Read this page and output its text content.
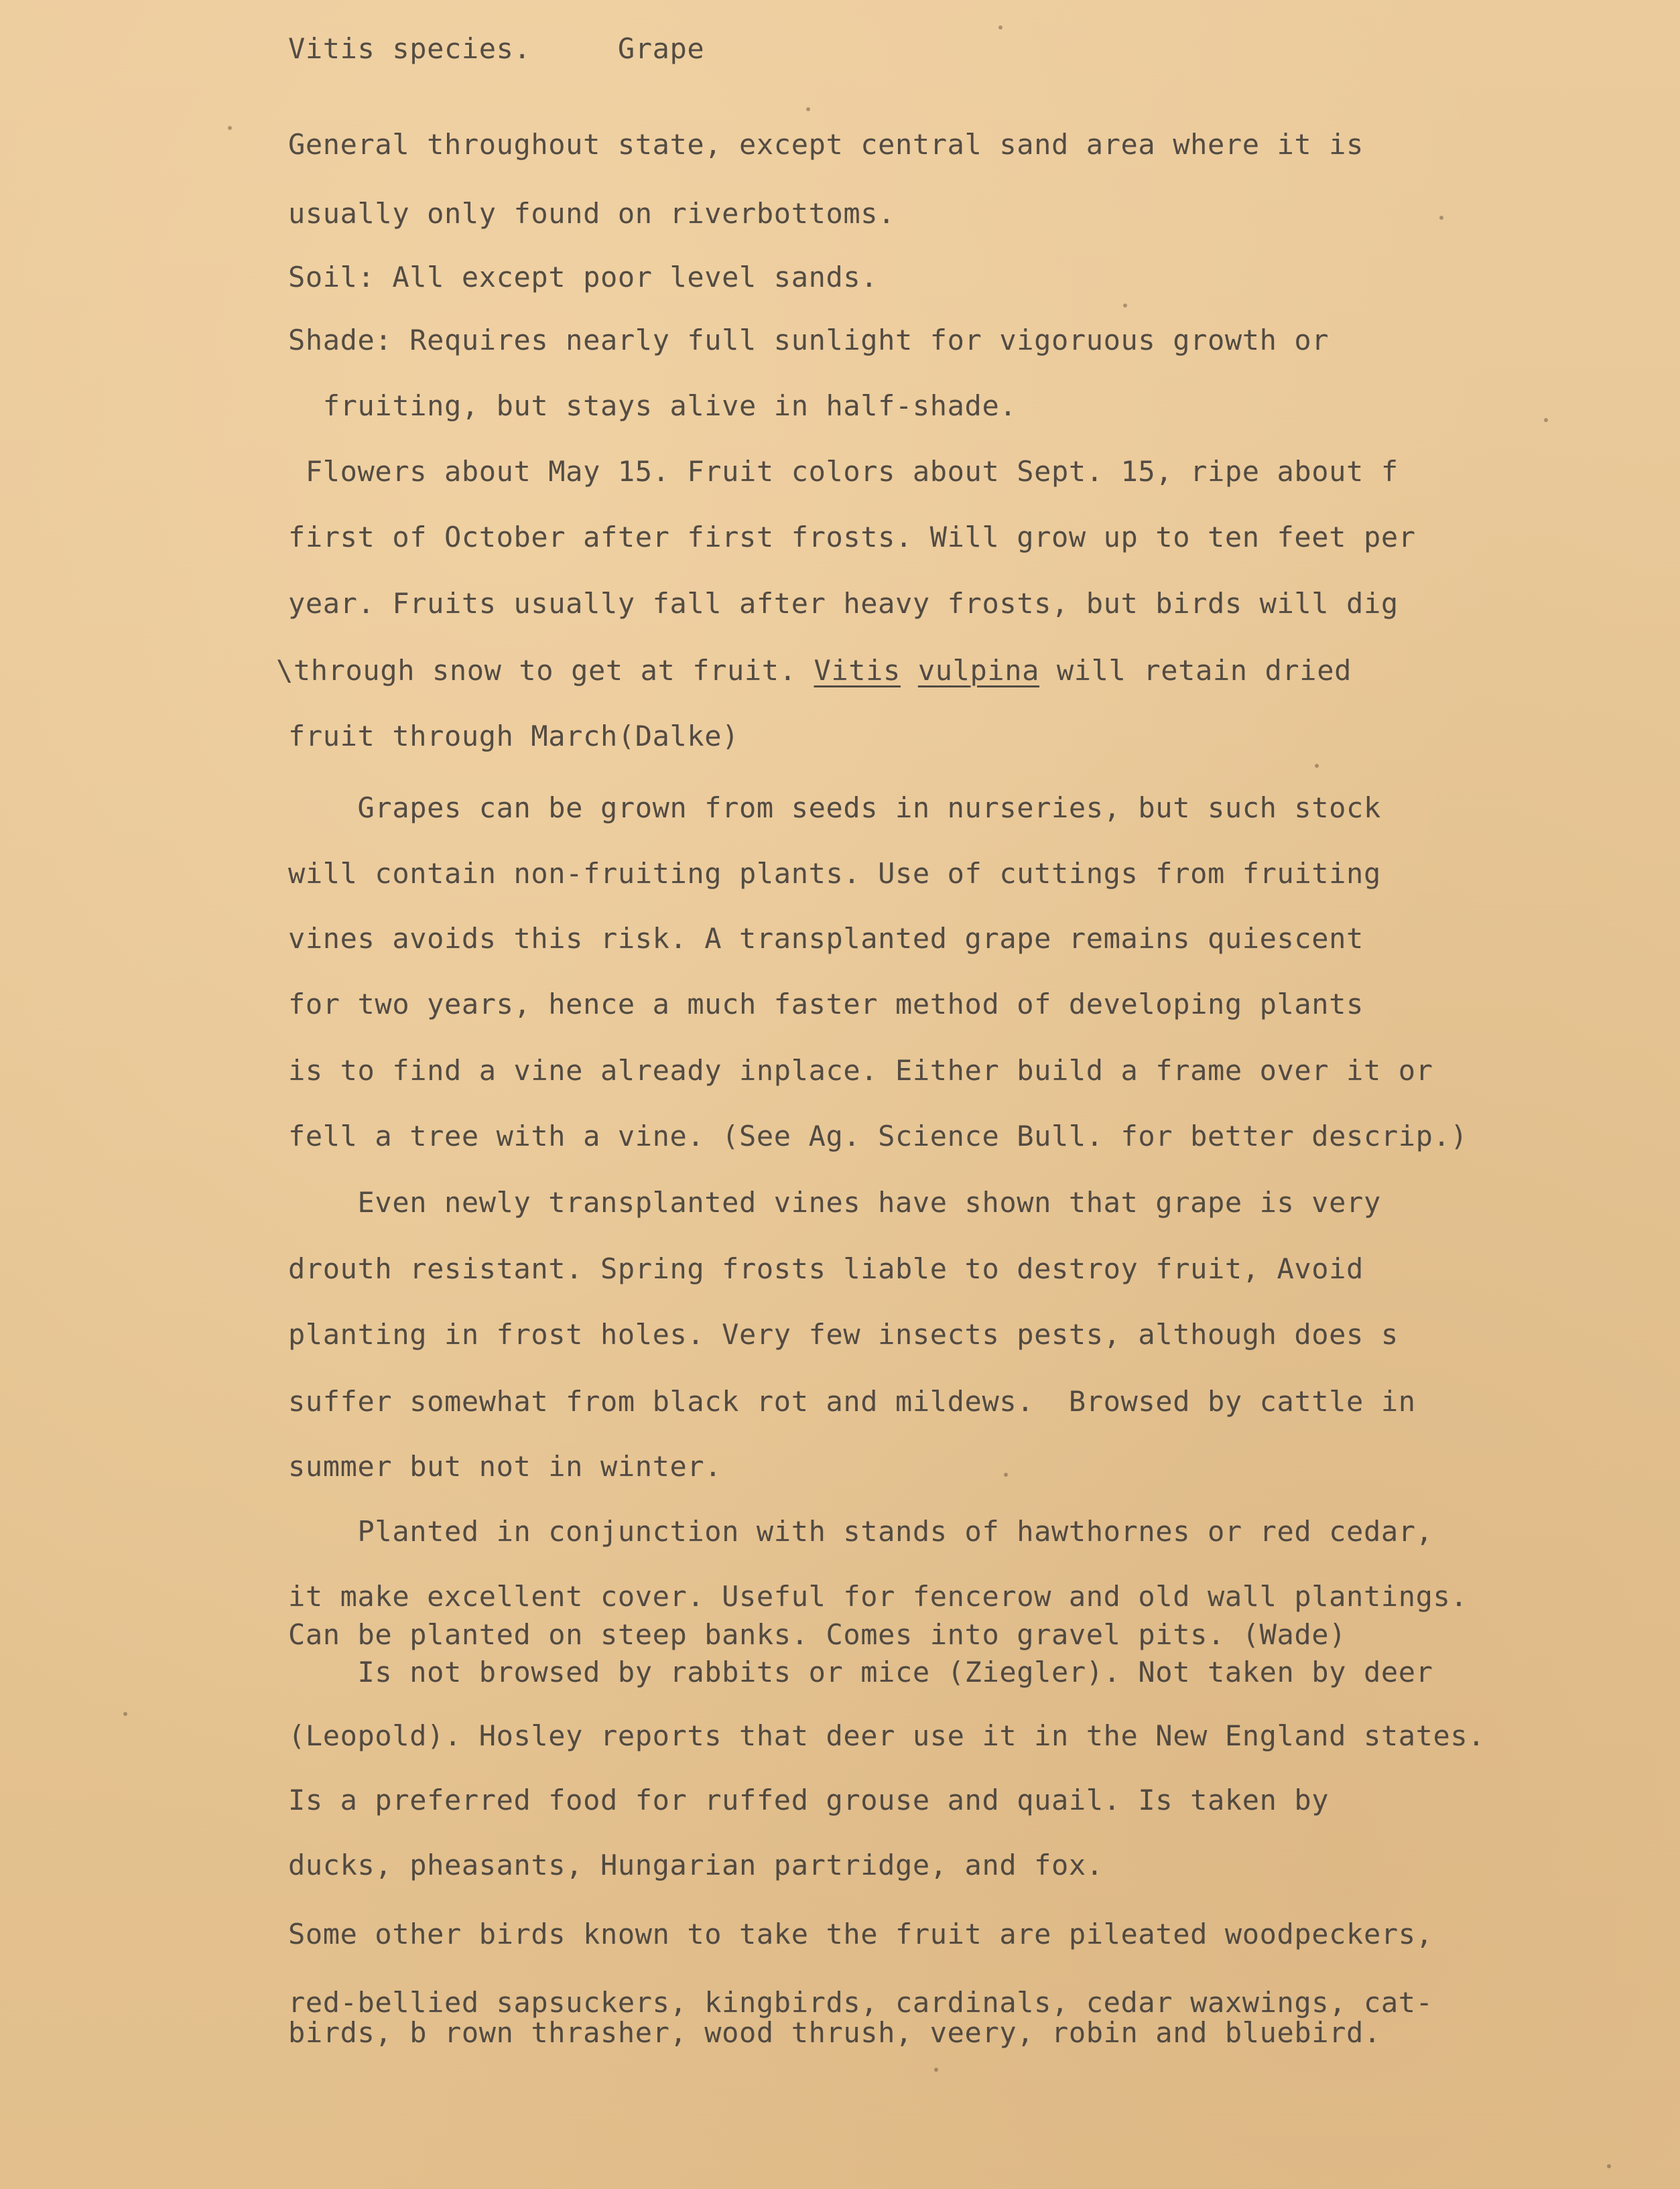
Vitis species.     Grape

General throughout state, except central sand area where it is

usually only found on riverbottoms.

Soil: All except poor level sands.

Shade: Requires nearly full sunlight for vigoruous growth or

fruiting, but stays alive in half-shade.

Flowers about May 15. Fruit colors about Sept. 15, ripe about f

first of October after first frosts. Will grow up to ten feet per

year. Fruits usually fall after heavy frosts, but birds will dig

\through snow to get at fruit. Vitis vulpina will retain dried

fruit through March(Dalke)

Grapes can be grown from seeds in nurseries, but such stock

will contain non-fruiting plants. Use of cuttings from fruiting

vines avoids this risk. A transplanted grape remains quiescent

for two years, hence a much faster method of developing plants

is to find a vine already inplace. Either build a frame over it or

fell a tree with a vine. (See Ag. Science Bull. for better descrip.)

Even newly transplanted vines have shown that grape is very

drouth resistant. Spring frosts liable to destroy fruit, Avoid

planting in frost holes. Very few insects pests, although does s

suffer somewhat from black rot and mildews.  Browsed by cattle in

summer but not in winter.

Planted in conjunction with stands of hawthornes or red cedar,

it make excellent cover. Useful for fencerow and old wall plantings.

Can be planted on steep banks. Comes into gravel pits. (Wade)

Is not browsed by rabbits or mice (Ziegler). Not taken by deer

(Leopold). Hosley reports that deer use it in the New England states.

Is a preferred food for ruffed grouse and quail. Is taken by

ducks, pheasants, Hungarian partridge, and fox.

Some other birds known to take the fruit are pileated woodpeckers,

red-bellied sapsuckers, kingbirds, cardinals, cedar waxwings, cat-

birds, b rown thrasher, wood thrush, veery, robin and bluebird.
